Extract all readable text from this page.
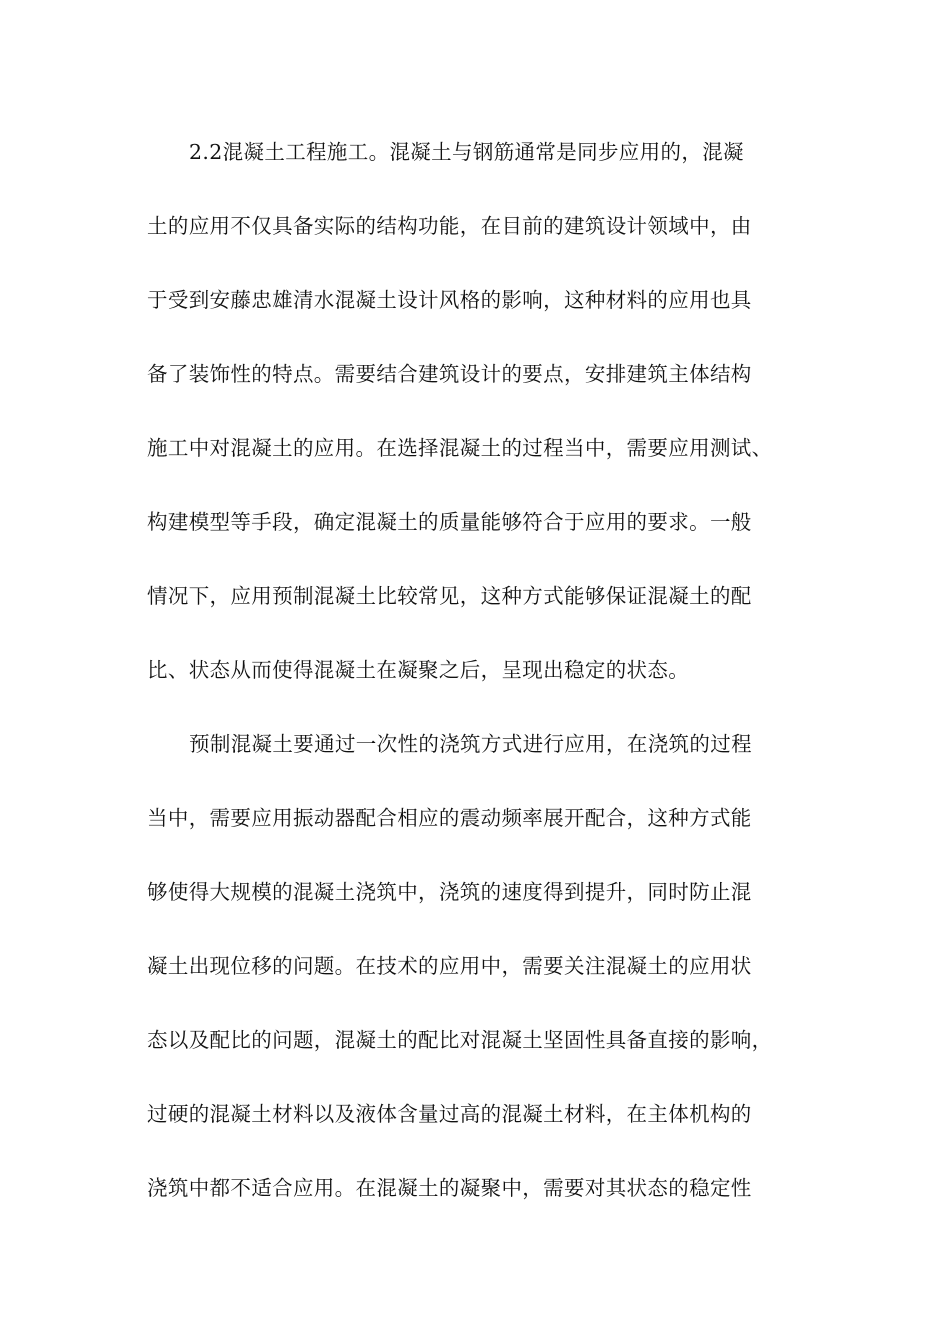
2.2混凝土工程施工。混凝土与钢筋通常是同步应用的，混凝
土的应用不仅具备实际的结构功能，在目前的建筑设计领域中，由
于受到安藤忠雄清水混凝土设计风格的影响，这种材料的应用也具
备了装饰性的特点。需要结合建筑设计的要点，安排建筑主体结构
施工中对混凝土的应用。在选择混凝土的过程当中，需要应用测试、
构建模型等手段，确定混凝土的质量能够符合于应用的要求。一般
情况下，应用预制混凝土比较常见，这种方式能够保证混凝土的配
比、状态从而使得混凝土在凝聚之后，呈现出稳定的状态。
预制混凝土要通过一次性的浇筑方式进行应用，在浇筑的过程
当中，需要应用振动器配合相应的震动频率展开配合，这种方式能
够使得大规模的混凝土浇筑中，浇筑的速度得到提升，同时防止混
凝土出现位移的问题。在技术的应用中，需要关注混凝土的应用状
态以及配比的问题，混凝土的配比对混凝土坚固性具备直接的影响，
过硬的混凝土材料以及液体含量过高的混凝土材料，在主体机构的
浇筑中都不适合应用。在混凝土的凝聚中，需要对其状态的稳定性
